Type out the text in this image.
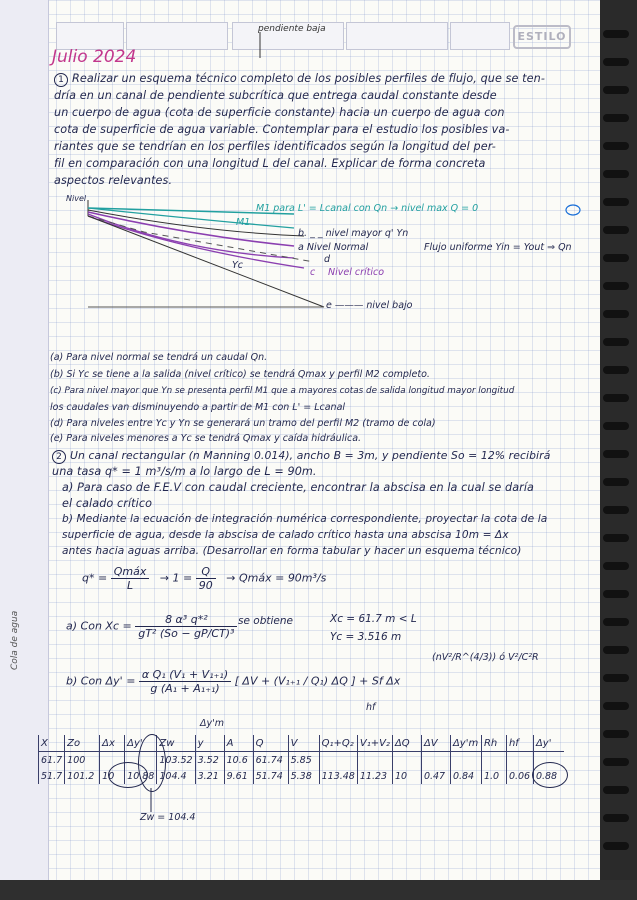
ESTILO
pendiente baja
Julio 2024
1 Realizar un esquema técnico completo de los posibles perfiles de flujo, que se ten-
dría en un canal de pendiente subcrítica que entrega caudal constante desde
un cuerpo de agua (cota de superficie constante) hacia un cuerpo de agua con
cota de superficie de agua variable. Contemplar para el estudio los posibles va-
riantes que se tendrían en los perfiles identificados según la longitud del per-
fil en comparación con una longitud L del canal. Explicar de forma concreta
aspectos relevantes.
Nivel
M1 para L' = Lcanal con Qn → nivel max Q = 0
M1
b. _ _ nivel mayor q' Yn
a Nivel Normal	Flujo uniforme Yin = Yout ⇒ Qn
d
c Nivel crítico
Yc
e ——— nivel bajo
(a) Para nivel normal se tendrá un caudal Qn.
(b) Si Yc se tiene a la salida (nivel crítico) se tendrá Qmax y perfil M2 completo.
(c) Para nivel mayor que Yn se presenta perfil M1 que a mayores cotas de salida longitud mayor longitud
los caudales van disminuyendo a partir de M1 con L' = Lcanal
(d) Para niveles entre Yc y Yn se generará un tramo del perfil M2 (tramo de cola)
(e) Para niveles menores a Yc se tendrá Qmax y caída hidráulica.
2 Un canal rectangular (n Manning 0.014), ancho B = 3m, y pendiente So = 12% recibirá
una tasa q* = 1 m³/s/m a lo largo de L = 90m.
a) Para caso de F.E.V con caudal creciente, encontrar la abscisa en la cual se daría
el calado crítico
b) Mediante la ecuación de integración numérica correspondiente, proyectar la cota de la
superficie de agua, desde la abscisa de calado crítico hasta una abscisa 10m = Δx
antes hacia aguas arriba. (Desarrollar en forma tabular y hacer un esquema técnico)
$q* = \frac{\text{Qmáx}}{L} \to 1 = \frac{Q}{90}$ → Qmáx = 90m³/s
a) Con $Xc = \frac{\text{8 α³ q*²}}{\text{gT² (So − gP/CT)³}}$ se obtiene	Xc = 61.7 m < L
Yc = 3.516 m
b) Con $\Delta y' = \frac{\text{α Q₁ (V₁ + V₁₊₁)}}{\text{g (A₁ + A₁₊₁)}}$ [ ΔV + (V₁₊₁ / Q₁) ΔQ ] + Sf Δx
(nV²/R^(4/3)) ó V²/C²R
hf
Δy'm
X	Zo	Δx	Δy'	Zw	y	A	Q	V	Q₁+Q₂	V₁+V₂	ΔQ	ΔV	Δy'm	Rh	hf	Δy'
61.7	100			103.52	3.52	10.6	61.74	5.85								
51.7	101.2	10	10.88	104.4	3.21	9.61	51.74	5.38	113.48	11.23	10	0.47	0.84	1.0	0.06	0.88
Zw = 104.4
Cola de agua
